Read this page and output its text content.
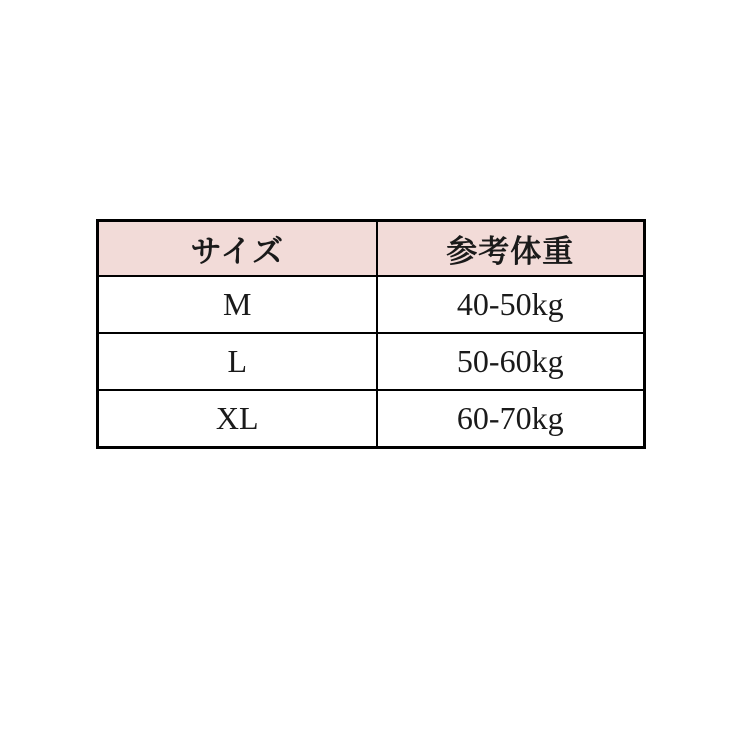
サイズ	参考体重
M	40-50kg
L	50-60kg
XL	60-70kg
